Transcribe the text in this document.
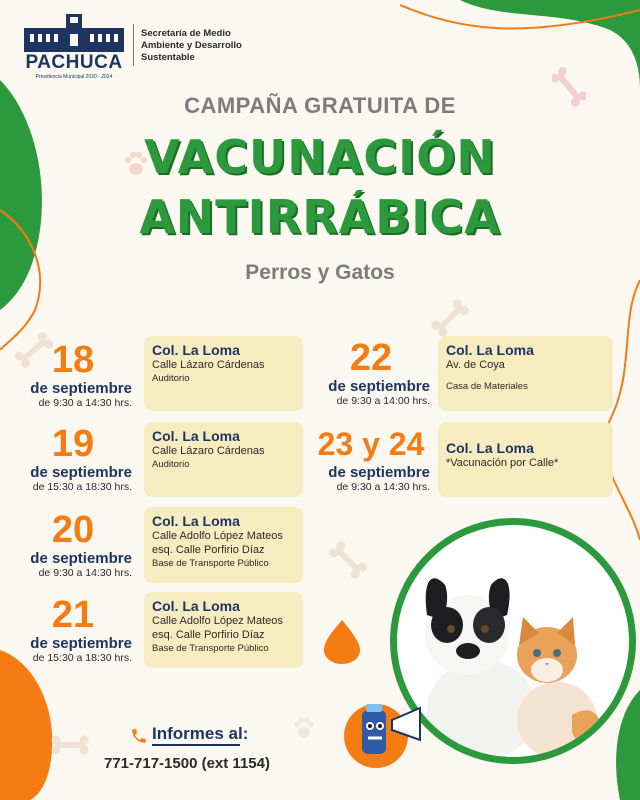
PACHUCA
Presidencia Municipal 2020 - 2024
Secretaría de Medio
Ambiente y Desarrollo
Sustentable
CAMPAÑA GRATUITA DE
VACUNACIÓN
ANTIRRÁBICA
Perros y Gatos
18
de septiembre
de 9:30 a 14:30 hrs.
Col. La Loma
Calle Lázaro Cárdenas
Auditorio
19
de septiembre
de 15:30 a 18:30 hrs.
Col. La Loma
Calle Lázaro Cárdenas
Auditorio
20
de septiembre
de 9:30 a 14:30 hrs.
Col. La Loma
Calle Adolfo López Mateos
esq. Calle Porfirio Díaz
Base de Transporte Público
21
de septiembre
de 15:30 a 18:30 hrs.
Col. La Loma
Calle Adolfo López Mateos
esq. Calle Porfirio Díaz
Base de Transporte Público
22
de septiembre
de 9:30 a 14:00 hrs.
Col. La Loma
Av. de Coya
Casa de Materiales
23 y 24
de septiembre
de 9:30 a 14:30 hrs.
Col. La Loma
*Vacunación por Calle*
Informes al:
771-717-1500 (ext 1154)
